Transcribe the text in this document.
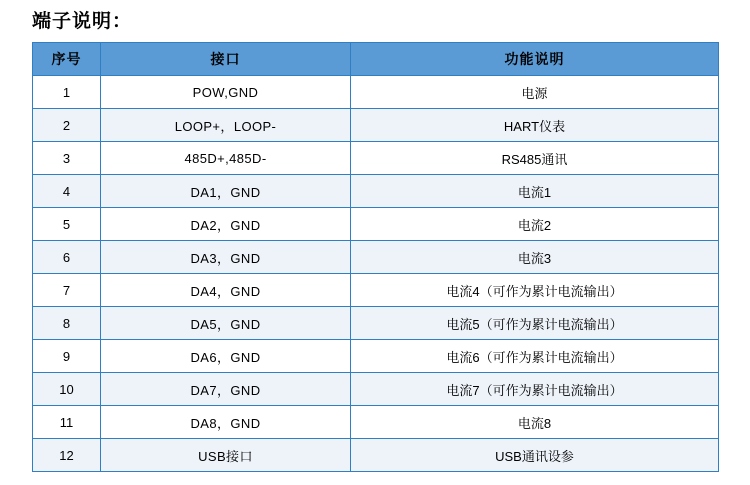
端子说明：
序号	接口	功能说明
1	POW,GND	电源
2	LOOP+，LOOP-	HART仪表
3	485D+,485D-	RS485通讯
4	DA1，GND	电流1
5	DA2，GND	电流2
6	DA3，GND	电流3
7	DA4，GND	电流4（可作为累计电流输出）
8	DA5，GND	电流5（可作为累计电流输出）
9	DA6，GND	电流6（可作为累计电流输出）
10	DA7，GND	电流7（可作为累计电流输出）
11	DA8，GND	电流8
12	USB接口	USB通讯设参
